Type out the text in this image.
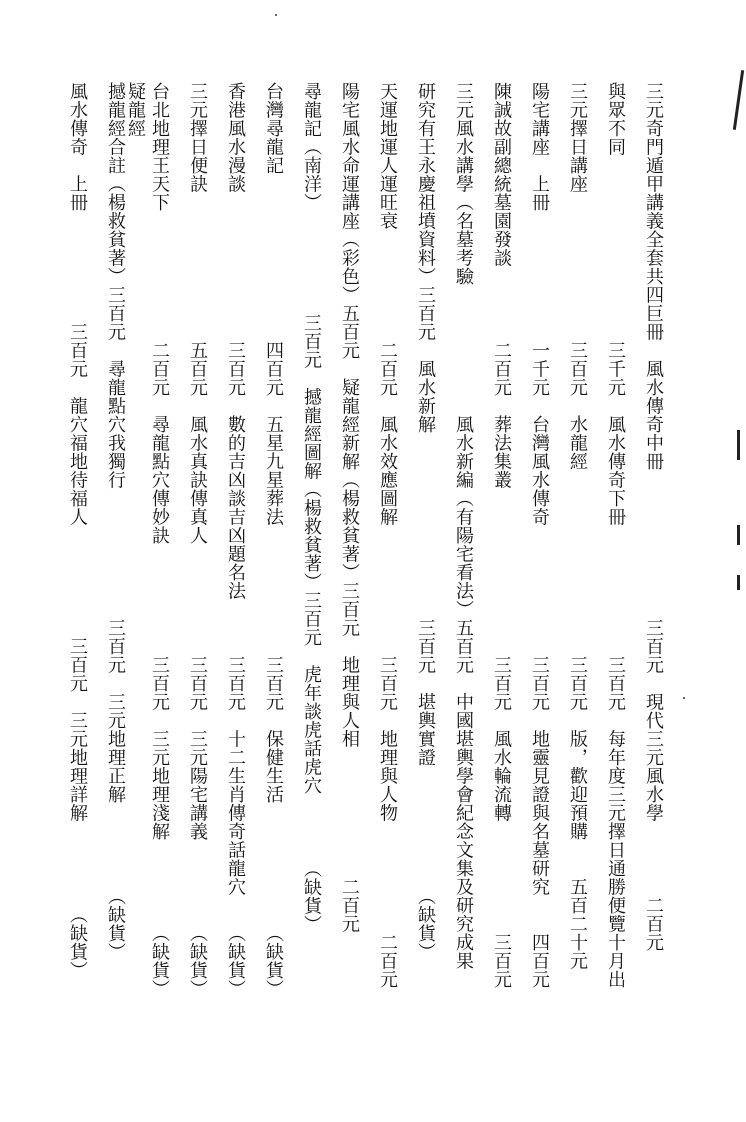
三元奇門遁甲講義全套共四巨冊　風水傳奇中冊　　　　　　　　三百元　現代三元風水學　　　　二百元
與眾不同　　　　　　　　　　三千元　風水傳奇下冊　　　　　　　三百元　每年度三元擇日通勝便覽十月出
三元擇日講座　　　　　　　　三百元　水龍經　　　　　　　　　　三百元　版，歡迎預購　　五百二十元
陽宅講座　上冊　　　　　　　一千元　台灣風水傳奇　　　　　　　三百元　地靈見證與名墓研究　　四百元
陳誠故副總統墓園發談　　　　二百元　葬法集叢　　　　　　　　　三百元　風水輪流轉　　　　　　三百元
三元風水講學（名墓考驗　　　　　　　風水新編（有陽宅看法）五百元　中國堪輿學會紀念文集及研究成果
研究有王永慶祖墳資料）三百元　風水新解　　　　　　　　　　三百元　堪輿實證　　　　　　　（缺貨）
天運地運人運旺衰　　　　　　二百元　風水效應圖解　　　　　　　三百元　地理與人物　　　　　　二百元
陽宅風水命運講座（彩色）五百元　疑龍經新解（楊救貧著）三百元　地理與人相　　　　　　　二百元
尋龍記（南洋）　　　　　　三百元　撼龍經圖解（楊救貧著）三百元　虎年談虎話虎穴　　　　（缺貨）
台灣尋龍記　　　　　　　　　四百元　五星九星葬法　　　　　　　三百元　保健生活　　　　　　　（缺貨）
香港風水漫談　　　　　　　　三百元　數的吉凶談吉凶題名法　　　三百元　十二生肖傳奇話龍穴　　（缺貨）
三元擇日便訣　　　　　　　　五百元　風水真訣傳真人　　　　　　三百元　三元陽宅講義　　　　　（缺貨）
台北地理王天下　　　　　　　二百元　尋龍點穴傳妙訣　　　　　　三百元　三元地理淺解　　　　　（缺貨）
疑龍經
撼龍經合註（楊救貧著）三百元　尋龍點穴我獨行　　　　　　　三百元　三元地理正解　　　　　（缺貨）
風水傳奇　上冊　　　　　　三百元　龍穴福地待福人　　　　　　三百元　三元地理詳解　　　　　（缺貨）
